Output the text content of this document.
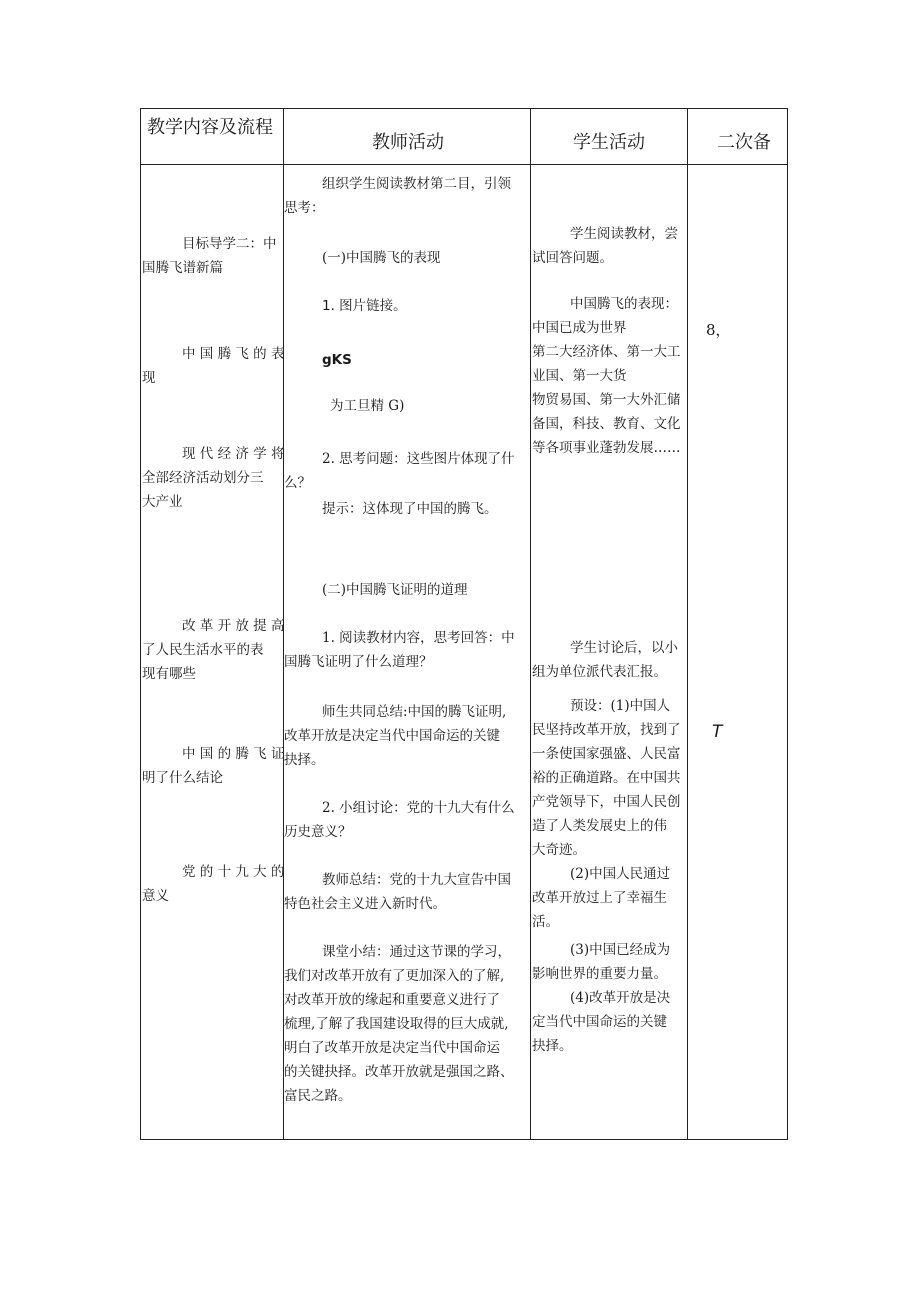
教学内容及流程
教师活动	学生活动	二次备
目标导学二：中
国腾飞谱新篇
中 国 腾 飞 的 表
现
现 代 经 济 学 将
全部经济活动划分三
大产业
改 革 开 放 提 高
了人民生活水平的表
现有哪些
中 国 的 腾 飞 证
明了什么结论
党 的 十 九 大 的
意义
组织学生阅读教材第二目，引领
思考：
(一)中国腾飞的表现
1. 图片链接。
gKS
为工旦精 G)
2. 思考问题：这些图片体现了什
么？
提示：这体现了中国的腾飞。
(二)中国腾飞证明的道理
1. 阅读教材内容，思考回答：中
国腾飞证明了什么道理？
师生共同总结:中国的腾飞证明,
改革开放是决定当代中国命运的关键
抉择。
2. 小组讨论：党的十九大有什么
历史意义？
教师总结：党的十九大宣告中国
特色社会主义进入新时代。
课堂小结：通过这节课的学习，
我们对改革开放有了更加深入的了解,
对改革开放的缘起和重要意义进行了
梳理,了解了我国建设取得的巨大成就,
明白了改革开放是决定当代中国命运
的关键抉择。改革开放就是强国之路、
富民之路。
学生阅读教材，尝
试回答问题。
中国腾飞的表现：
中国已成为世界
第二大经济体、第一大工
业国、第一大货
物贸易国、第一大外汇储
备国，科技、教育、文化
等各项事业蓬勃发展……
学生讨论后，以小
组为单位派代表汇报。
预设：(1)中国人
民坚持改革开放，找到了
一条使国家强盛、人民富
裕的正确道路。在中国共
产党领导下，中国人民创
造了人类发展史上的伟
大奇迹。
(2)中国人民通过
改革开放过上了幸福生
活。
(3)中国已经成为
影响世界的重要力量。
(4)改革开放是决
定当代中国命运的关键
抉择。
8，
T
